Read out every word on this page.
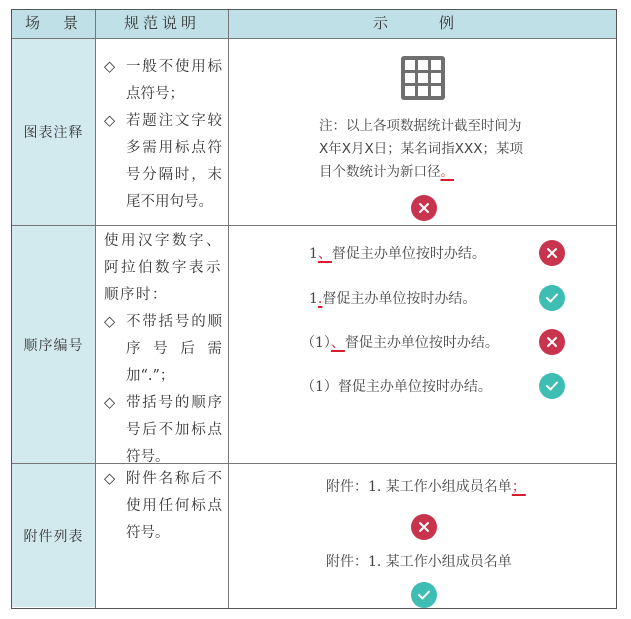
场　景	规范说明	示　例
图表注释
顺序编号
附件列表
◇ 一般不使用标点符号；
◇ 若题注文字较多需用标点符号分隔时，末尾不用句号。
注：以上各项数据统计截至时间为
X年X月X日；某名词指XXX；某项
目个数统计为新口径。
使用汉字数字、阿拉伯数字表示顺序时：
◇ 不带括号的顺序号后需加“.”；
◇ 带括号的顺序号后不加标点符号。
1、督促主办单位按时办结。
1.督促主办单位按时办结。
（1）、督促主办单位按时办结。
（1）督促主办单位按时办结。
◇ 附件名称后不使用任何标点符号。
附件：1. 某工作小组成员名单；
附件：1. 某工作小组成员名单
